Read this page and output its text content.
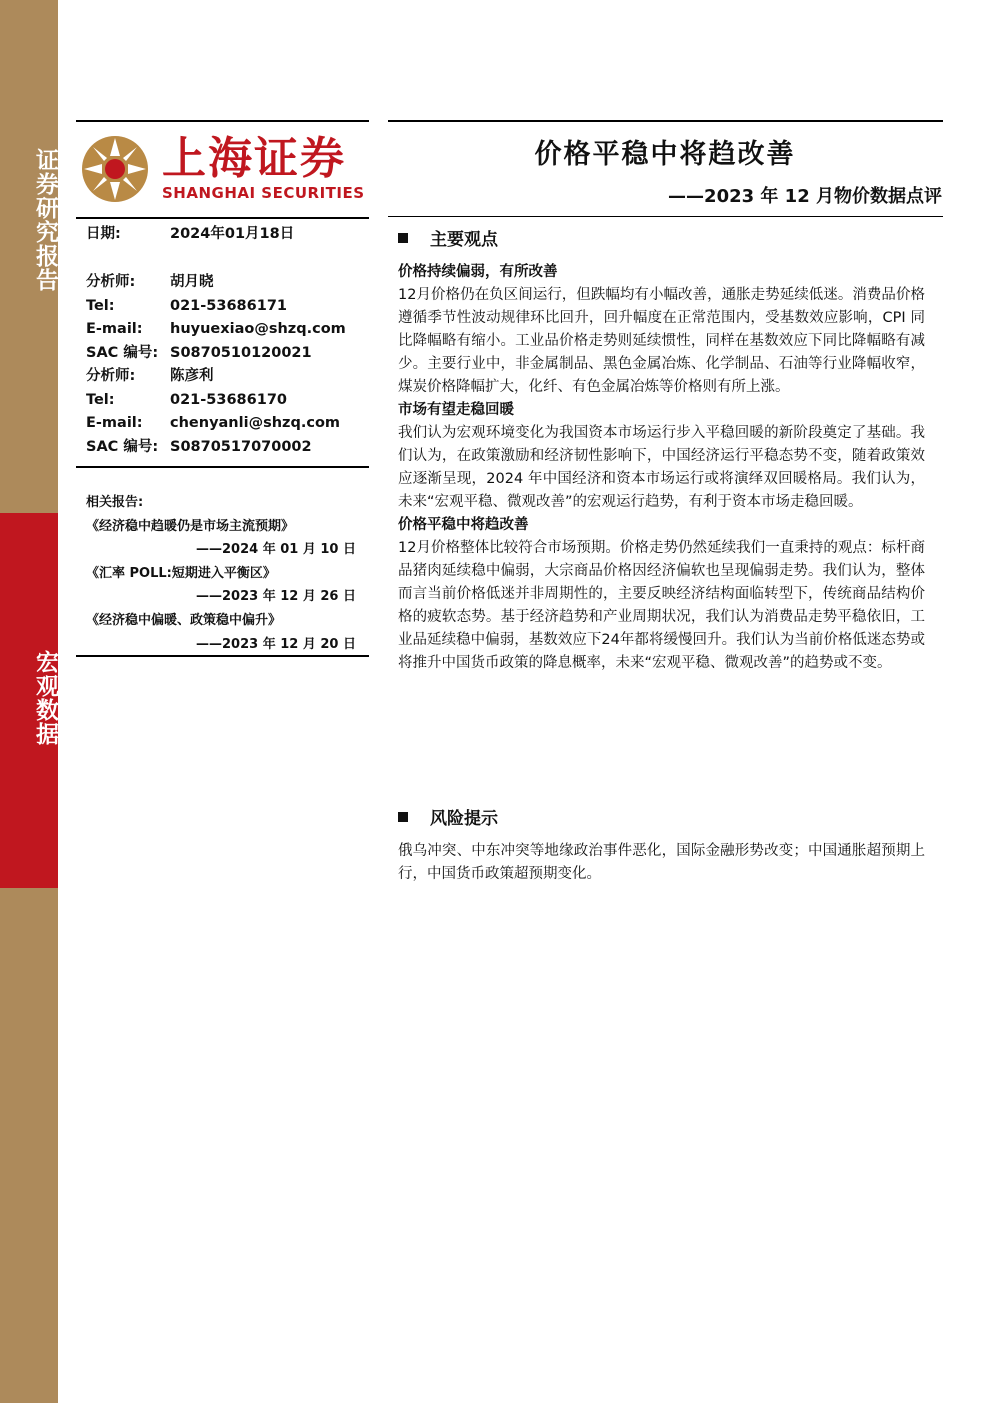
证券研究报告
宏观数据
上海证券
SHANGHAI SECURITIES
日期:	2024年01月18日
分析师:	胡月晓
Tel:	021-53686171
E-mail:	huyuexiao@shzq.com
SAC 编号: S0870510120021
分析师:	陈彦利
Tel:	021-53686170
E-mail:	chenyanli@shzq.com
SAC 编号: S0870517070002
相关报告:
《经济稳中趋暖仍是市场主流预期》
——2024 年 01 月 10 日
《汇率 POLL:短期进入平衡区》
——2023 年 12 月 26 日
《经济稳中偏暖、政策稳中偏升》
——2023 年 12 月 20 日
价格平稳中将趋改善
——2023 年 12 月物价数据点评
主要观点

价格持续偏弱，有所改善

12月价格仍在负区间运行，但跌幅均有小幅改善，通胀走势延续低迷。消费品价格遵循季节性波动规律环比回升，回升幅度在正常范围内，受基数效应影响，CPI 同比降幅略有缩小。工业品价格走势则延续惯性，同样在基数效应下同比降幅略有减少。主要行业中，非金属制品、黑色金属冶炼、化学制品、石油等行业降幅收窄，煤炭价格降幅扩大，化纤、有色金属冶炼等价格则有所上涨。

市场有望走稳回暖

我们认为宏观环境变化为我国资本市场运行步入平稳回暖的新阶段奠定了基础。我们认为，在政策激励和经济韧性影响下，中国经济运行平稳态势不变，随着政策效应逐渐呈现，2024 年中国经济和资本市场运行或将演绎双回暖格局。我们认为，未来“宏观平稳、微观改善”的宏观运行趋势，有利于资本市场走稳回暖。

价格平稳中将趋改善

12月价格整体比较符合市场预期。价格走势仍然延续我们一直秉持的观点：标杆商品猪肉延续稳中偏弱，大宗商品价格因经济偏软也呈现偏弱走势。我们认为，整体而言当前价格低迷并非周期性的，主要反映经济结构面临转型下，传统商品结构价格的疲软态势。基于经济趋势和产业周期状况，我们认为消费品走势平稳依旧，工业品延续稳中偏弱，基数效应下24年都将缓慢回升。我们认为当前价格低迷态势或将推升中国货币政策的降息概率，未来“宏观平稳、微观改善”的趋势或不变。

风险提示

俄乌冲突、中东冲突等地缘政治事件恶化，国际金融形势改变；中国通胀超预期上行，中国货币政策超预期变化。
